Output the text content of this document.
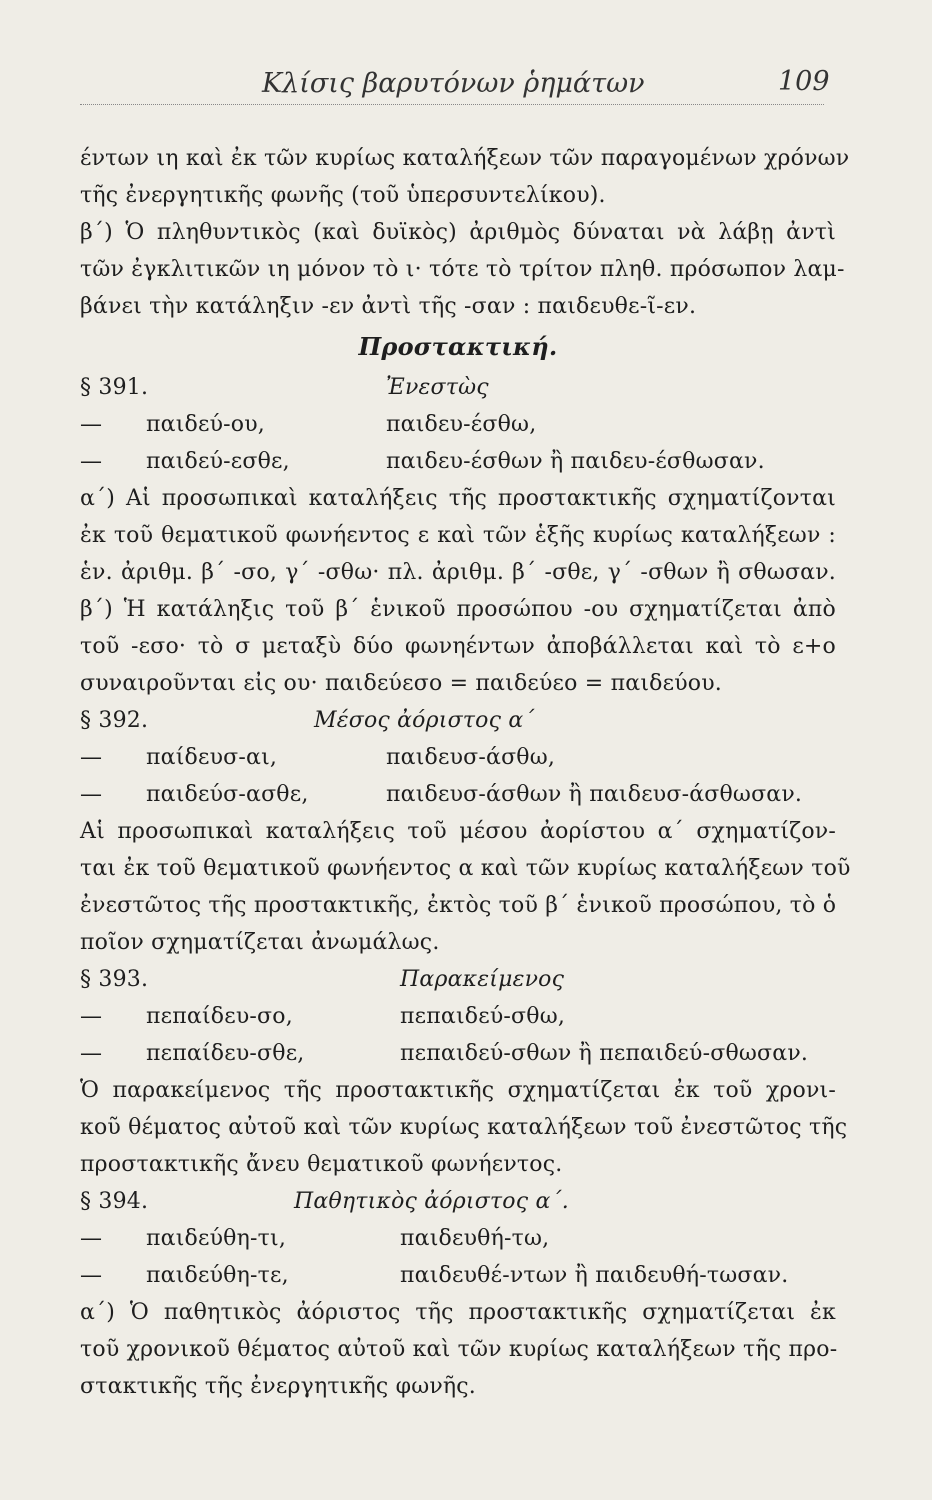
Κλίσις βαρυτόνων ῥημάτων	109
έντων ιη καὶ ἐκ τῶν κυρίως καταλήξεων τῶν παραγομένων χρόνων
τῆς ἐνεργητικῆς φωνῆς (τοῦ ὑπερσυντελίκου).
β΄) Ὁ πληθυντικὸς (καὶ δυϊκὸς) ἀριθμὸς δύναται νὰ λάβῃ ἀντὶ
τῶν ἐγκλιτικῶν ιη μόνον τὸ ι· τότε τὸ τρίτον πληθ. πρόσωπον λαμ-
βάνει τὴν κατάληξιν -εν ἀντὶ τῆς -σαν : παιδευθε-ῖ-εν.
Προστακτική.
§ 391.	Ἐνεστὼς
— παιδεύ-ου,	παιδευ-έσθω,
— παιδεύ-εσθε,	παιδευ-έσθων ἢ παιδευ-έσθωσαν.
α΄) Αἱ προσωπικαὶ καταλήξεις τῆς προστακτικῆς σχηματίζονται
ἐκ τοῦ θεματικοῦ φωνήεντος ε καὶ τῶν ἑξῆς κυρίως καταλήξεων :
ἑν. ἀριθμ. β΄ -σο, γ΄ -σθω· πλ. ἀριθμ. β΄ -σθε, γ΄ -σθων ἢ σθωσαν.
β΄) Ἡ κατάληξις τοῦ β΄ ἑνικοῦ προσώπου -ου σχηματίζεται ἀπὸ
τοῦ -εσο· τὸ σ μεταξὺ δύο φωνηέντων ἀποβάλλεται καὶ τὸ ε+ο
συναιροῦνται εἰς ου· παιδεύεσο = παιδεύεο = παιδεύου.
§ 392.	Μέσος ἀόριστος α΄
— παίδευσ-αι,	παιδευσ-άσθω,
— παιδεύσ-ασθε,	παιδευσ-άσθων ἢ παιδευσ-άσθωσαν.
Αἱ προσωπικαὶ καταλήξεις τοῦ μέσου ἀορίστου α΄ σχηματίζον-
ται ἐκ τοῦ θεματικοῦ φωνήεντος α καὶ τῶν κυρίως καταλήξεων τοῦ
ἐνεστῶτος τῆς προστακτικῆς, ἐκτὸς τοῦ β΄ ἑνικοῦ προσώπου, τὸ ὁ
ποῖον σχηματίζεται ἀνωμάλως.
§ 393.	Παρακείμενος
— πεπαίδευ-σο,	πεπαιδεύ-σθω,
— πεπαίδευ-σθε,	πεπαιδεύ-σθων ἢ πεπαιδεύ-σθωσαν.
Ὁ παρακείμενος τῆς προστακτικῆς σχηματίζεται ἐκ τοῦ χρονι-
κοῦ θέματος αὐτοῦ καὶ τῶν κυρίως καταλήξεων τοῦ ἐνεστῶτος τῆς
προστακτικῆς ἄνευ θεματικοῦ φωνήεντος.
§ 394.	Παθητικὸς ἀόριστος α΄.
— παιδεύθη-τι,	παιδευθή-τω,
— παιδεύθη-τε,	παιδευθέ-ντων ἢ παιδευθή-τωσαν.
α΄) Ὁ παθητικὸς ἀόριστος τῆς προστακτικῆς σχηματίζεται ἐκ
τοῦ χρονικοῦ θέματος αὐτοῦ καὶ τῶν κυρίως καταλήξεων τῆς προ-
στακτικῆς τῆς ἐνεργητικῆς φωνῆς.
